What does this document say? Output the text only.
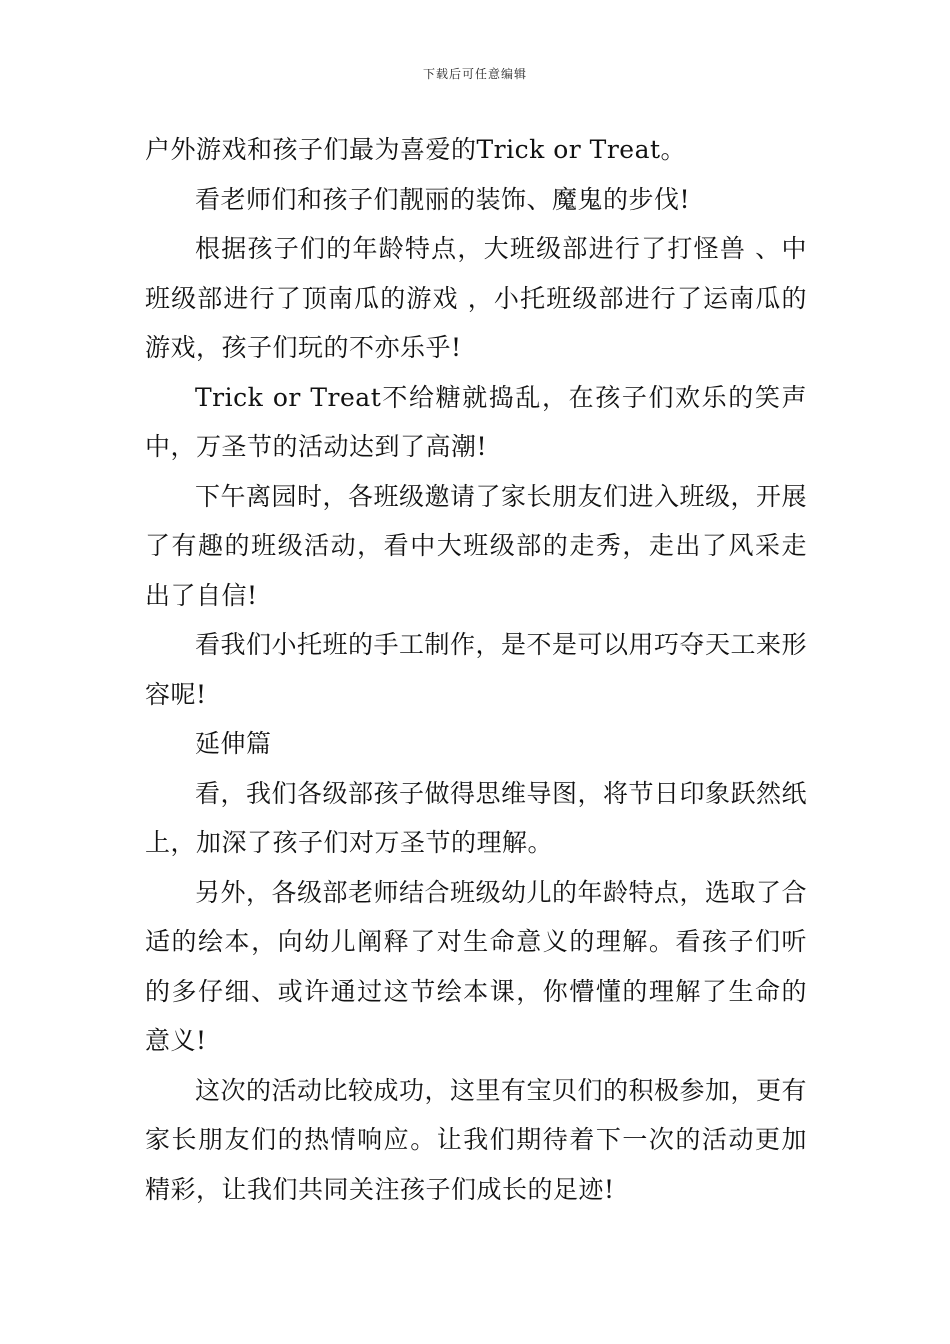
下载后可任意编辑

户外游戏和孩子们最为喜爱的Trick or Treat。

看老师们和孩子们靓丽的装饰、魔鬼的步伐!

根据孩子们的年龄特点，大班级部进行了打怪兽 、中班级部进行了顶南瓜的游戏 ，小托班级部进行了运南瓜的游戏，孩子们玩的不亦乐乎!

Trick or Treat不给糖就捣乱，在孩子们欢乐的笑声中，万圣节的活动达到了高潮!

下午离园时，各班级邀请了家长朋友们进入班级，开展了有趣的班级活动，看中大班级部的走秀，走出了风采走出了自信!

看我们小托班的手工制作，是不是可以用巧夺天工来形容呢!

延伸篇

看，我们各级部孩子做得思维导图，将节日印象跃然纸上，加深了孩子们对万圣节的理解。

另外，各级部老师结合班级幼儿的年龄特点，选取了合适的绘本，向幼儿阐释了对生命意义的理解。看孩子们听的多仔细、或许通过这节绘本课，你懵懂的理解了生命的意义!

这次的活动比较成功，这里有宝贝们的积极参加，更有家长朋友们的热情响应。让我们期待着下一次的活动更加精彩，让我们共同关注孩子们成长的足迹!
